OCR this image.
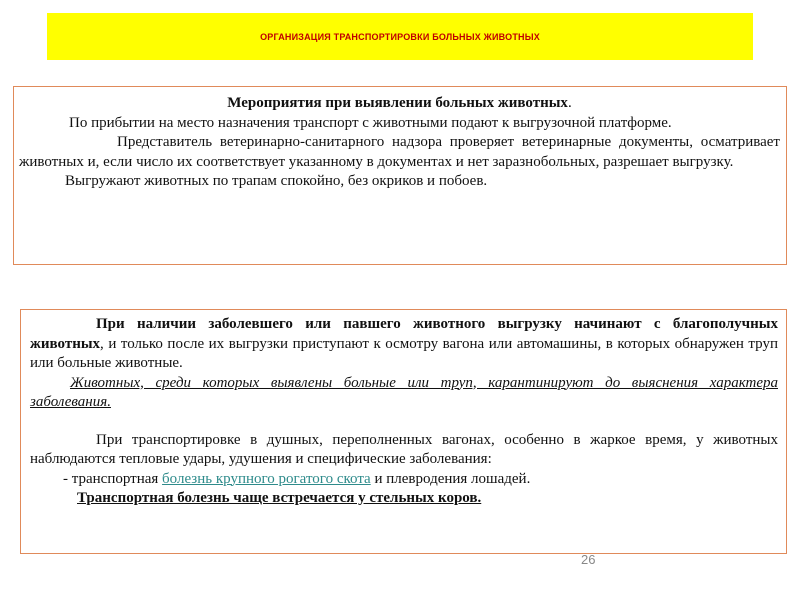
ОРГАНИЗАЦИЯ ТРАНСПОРТИРОВКИ БОЛЬНЫХ ЖИВОТНЫХ

Мероприятия при выявлении больных животных.

По прибытии на место назначения транспорт с животными подают к выгрузочной платформе.

Представитель ветеринарно-санитарного надзора проверяет ветеринарные документы, осматривает животных и, если число их соответствует указанному в документах и нет заразнобольных, разрешает выгрузку.

Выгружают животных по трапам спокойно, без окриков и побоев.

При наличии заболевшего или павшего животного выгрузку начинают с благополучных животных, и только после их выгрузки приступают к осмотру вагона или автомашины, в которых обнаружен труп или больные животные.

Животных, среди которых выявлены больные или труп, карантинируют до выяснения характера заболевания.

При транспортировке в душных, переполненных вагонах, особенно в жаркое время, у животных наблюдаются тепловые удары, удушения и специфические заболевания:

- транспортная болезнь крупного рогатого скота и плевродения лошадей.

Транспортная болезнь чаще встречается у стельных коров.

26
